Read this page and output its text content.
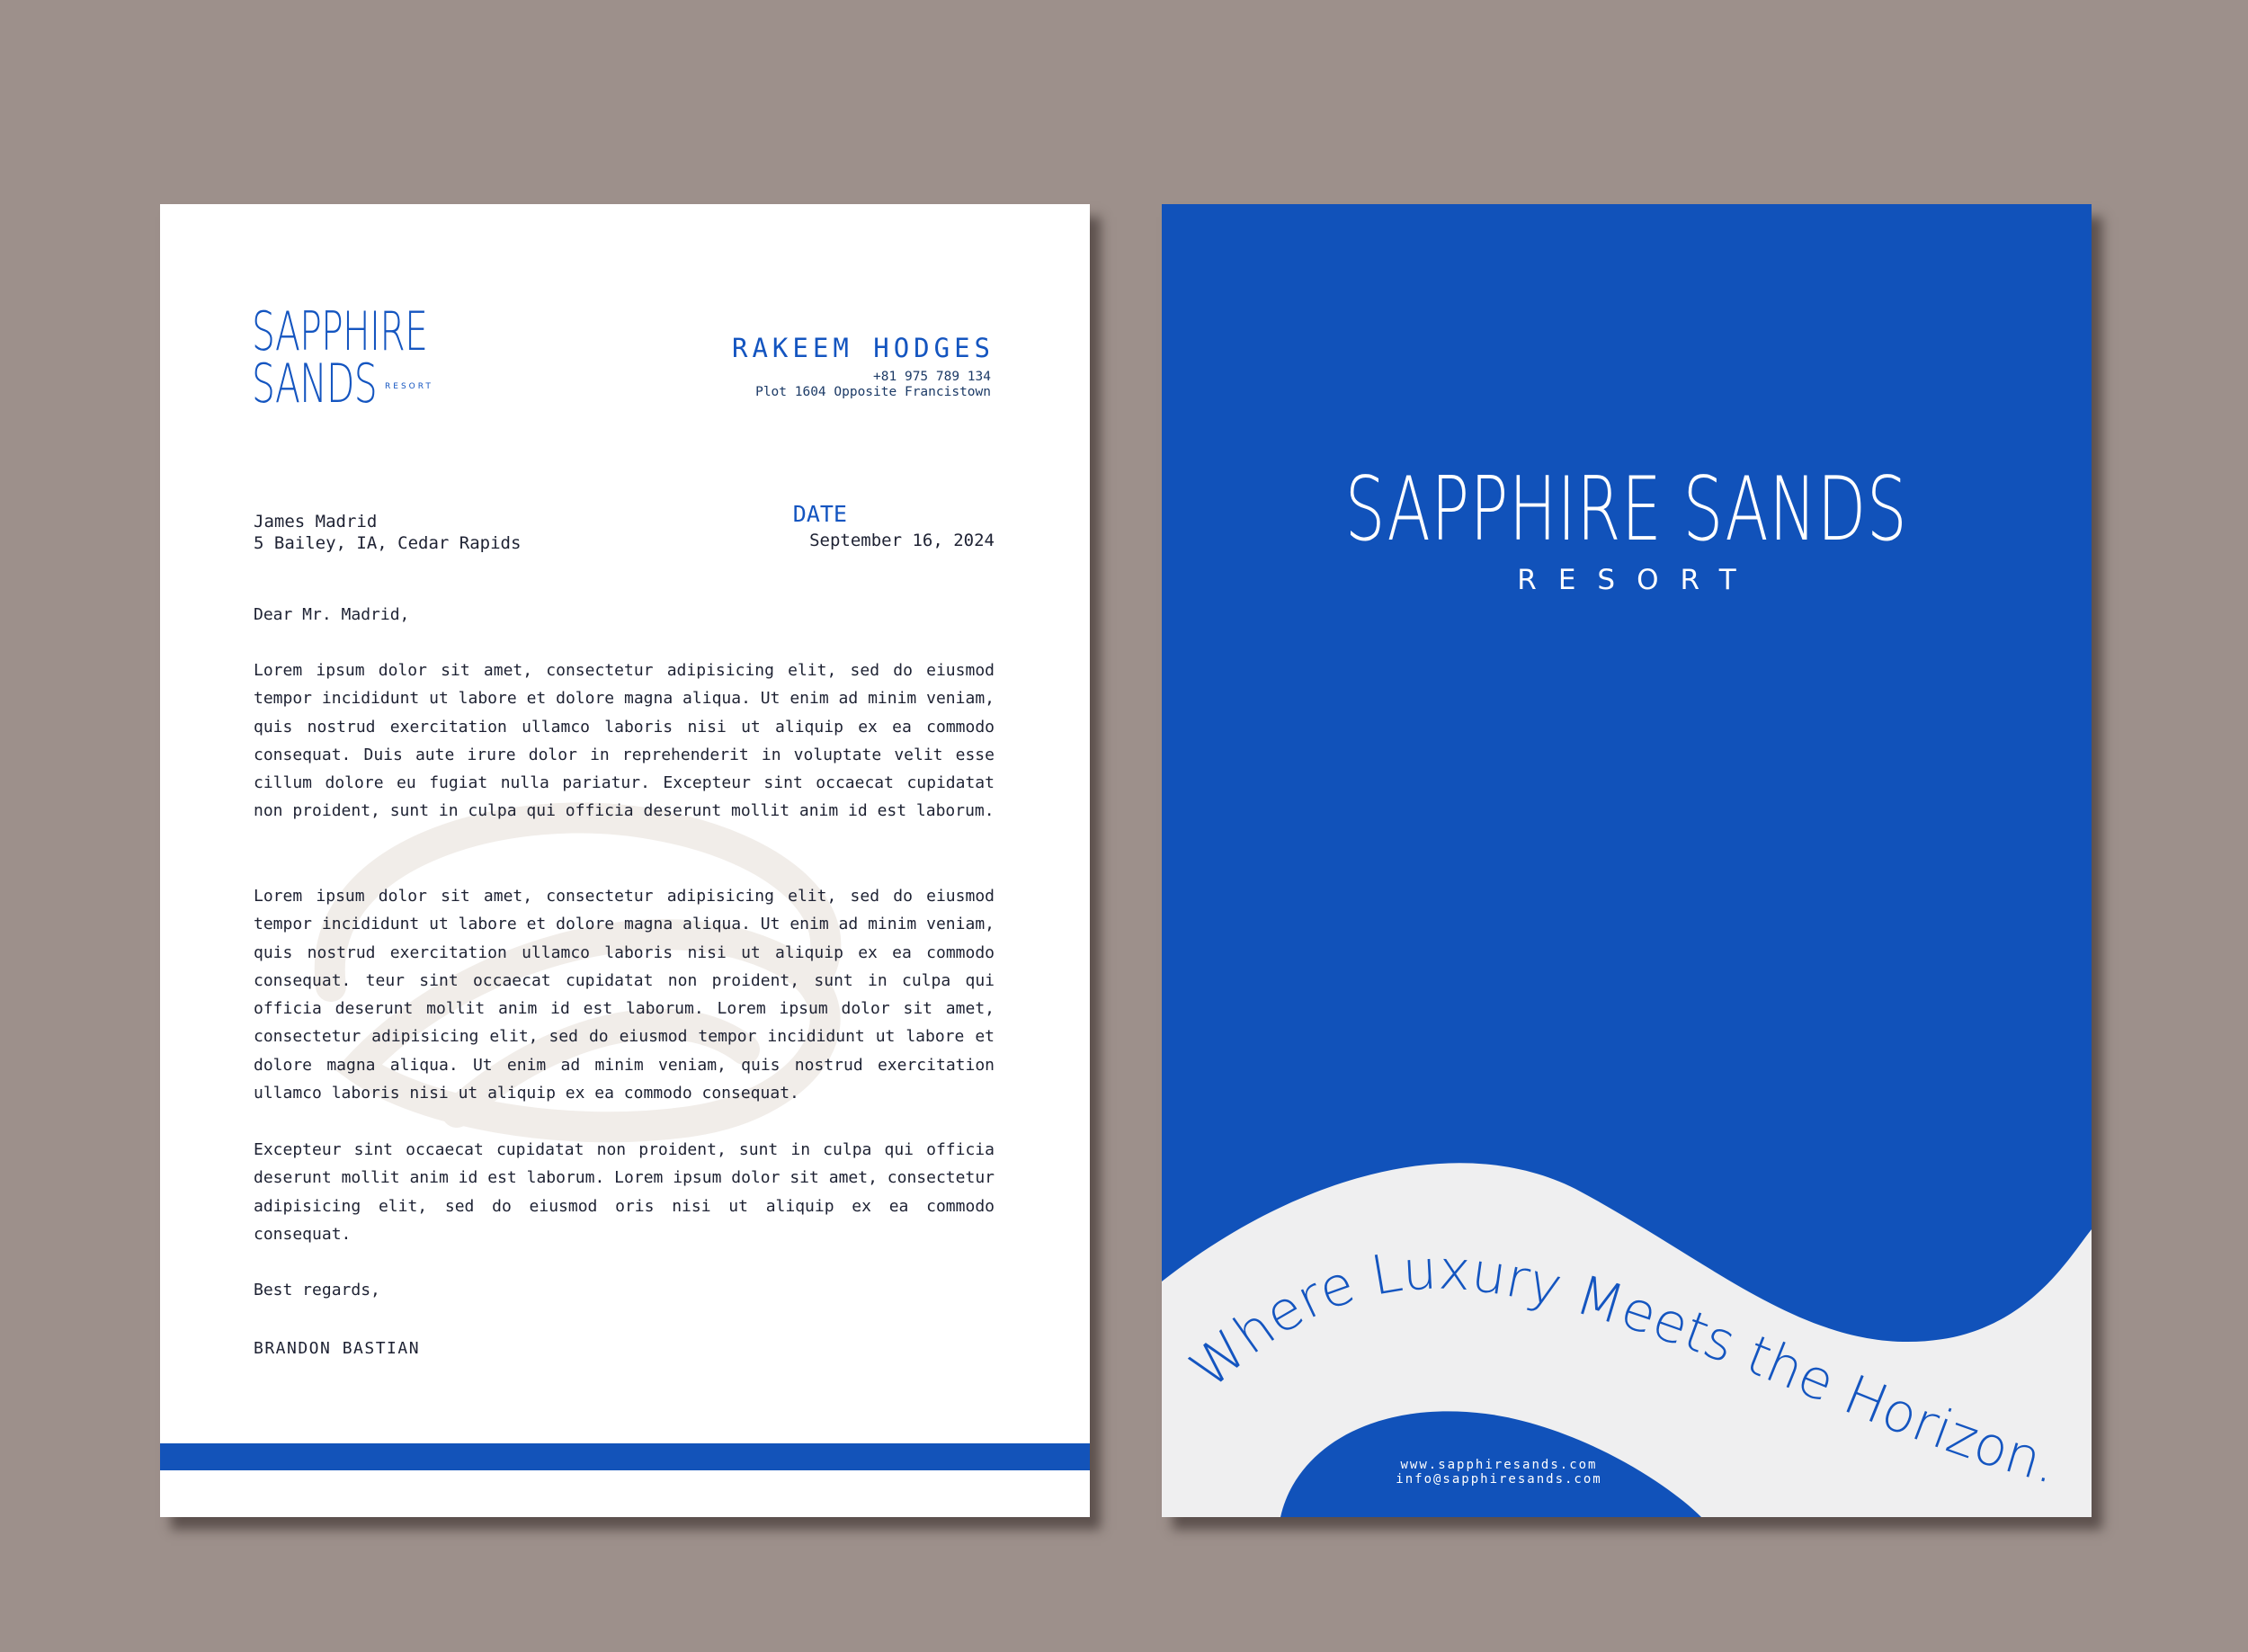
SAPPHIRE
SANDS RESORT
RAKEEM HODGES
+81 975 789 134
Plot 1604 Opposite Francistown
James Madrid
5 Bailey, IA, Cedar Rapids
DATE
September 16, 2024

Dear Mr. Madrid,

Lorem ipsum dolor sit amet, consectetur adipisicing elit, sed do eiusmod tempor incididunt ut labore et dolore magna aliqua. Ut enim ad minim veniam, quis nostrud exercitation ullamco laboris nisi ut aliquip ex ea commodo consequat. Duis aute irure dolor in reprehenderit in voluptate velit esse cillum dolore eu fugiat nulla pariatur. Excepteur sint occaecat cupidatat non proident, sunt in culpa qui officia deserunt mollit anim id est laborum.

Lorem ipsum dolor sit amet, consectetur adipisicing elit, sed do eiusmod tempor incididunt ut labore et dolore magna aliqua. Ut enim ad minim veniam, quis nostrud exercitation ullamco laboris nisi ut aliquip ex ea commodo consequat. teur sint occaecat cupidatat non proident, sunt in culpa qui officia deserunt mollit anim id est laborum. Lorem ipsum dolor sit amet, consectetur adipisicing elit, sed do eiusmod tempor incididunt ut labore et dolore magna aliqua. Ut enim ad minim veniam, quis nostrud exercitation ullamco laboris nisi ut aliquip ex ea commodo consequat.

Excepteur sint occaecat cupidatat non proident, sunt in culpa qui officia deserunt mollit anim id est laborum. Lorem ipsum dolor sit amet, consectetur adipisicing elit, sed do eiusmod oris nisi ut aliquip ex ea commodo consequat.

Best regards,

BRANDON BASTIAN	Where Luxury Meets the Horizon.
SAPPHIRE SANDS
RESORT
www.sapphiresands.com
info@sapphiresands.com
